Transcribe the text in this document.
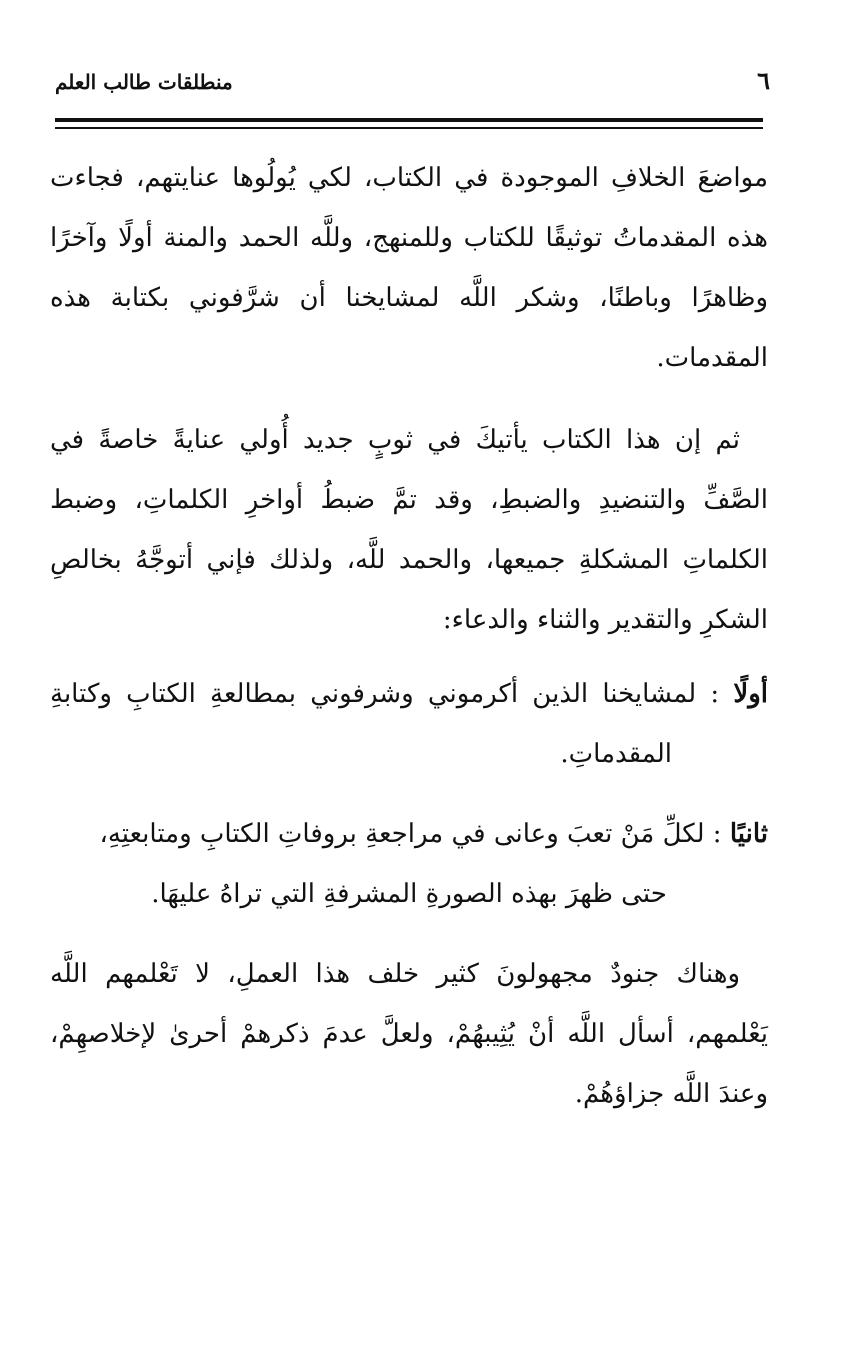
٦
منطلقات طالب العلم

مواضعَ الخلافِ الموجودة في الكتاب، لكي يُولُوها عنايتهم، فجاءت هذه المقدماتُ توثيقًا للكتاب وللمنهج، وللَّه الحمد والمنة أولًا وآخرًا وظاهرًا وباطنًا، وشكر اللَّه لمشايخنا أن شرَّفوني بكتابة هذه المقدمات.

ثم إن هذا الكتاب يأتيكَ في ثوبٍ جديد أُولي عنايةً خاصةً في الصَّفِّ والتنضيدِ والضبطِ، وقد تمَّ ضبطُ أواخرِ الكلماتِ، وضبط الكلماتِ المشكلةِ جميعها، والحمد للَّه، ولذلك فإني أتوجَّهُ بخالصِ الشكرِ والتقدير والثناء والدعاء:

أولًا : لمشايخنا الذين أكرموني وشرفوني بمطالعةِ الكتابِ وكتابةِ المقدماتِ.

ثانيًا : لكلِّ مَنْ تعبَ وعانى في مراجعةِ بروفاتِ الكتابِ ومتابعتِهِ،
حتى ظهرَ بهذه الصورةِ المشرفةِ التي تراهُ عليهَا.

وهناك جنودٌ مجهولونَ كثير خلف هذا العملِ، لا تَعْلمهم اللَّه يَعْلمهم، أسأل اللَّه أنْ يُثِيبهُمْ، ولعلَّ عدمَ ذكرهمْ أحرىٰ لإخلاصهِمْ، وعندَ اللَّه جزاؤهُمْ.
